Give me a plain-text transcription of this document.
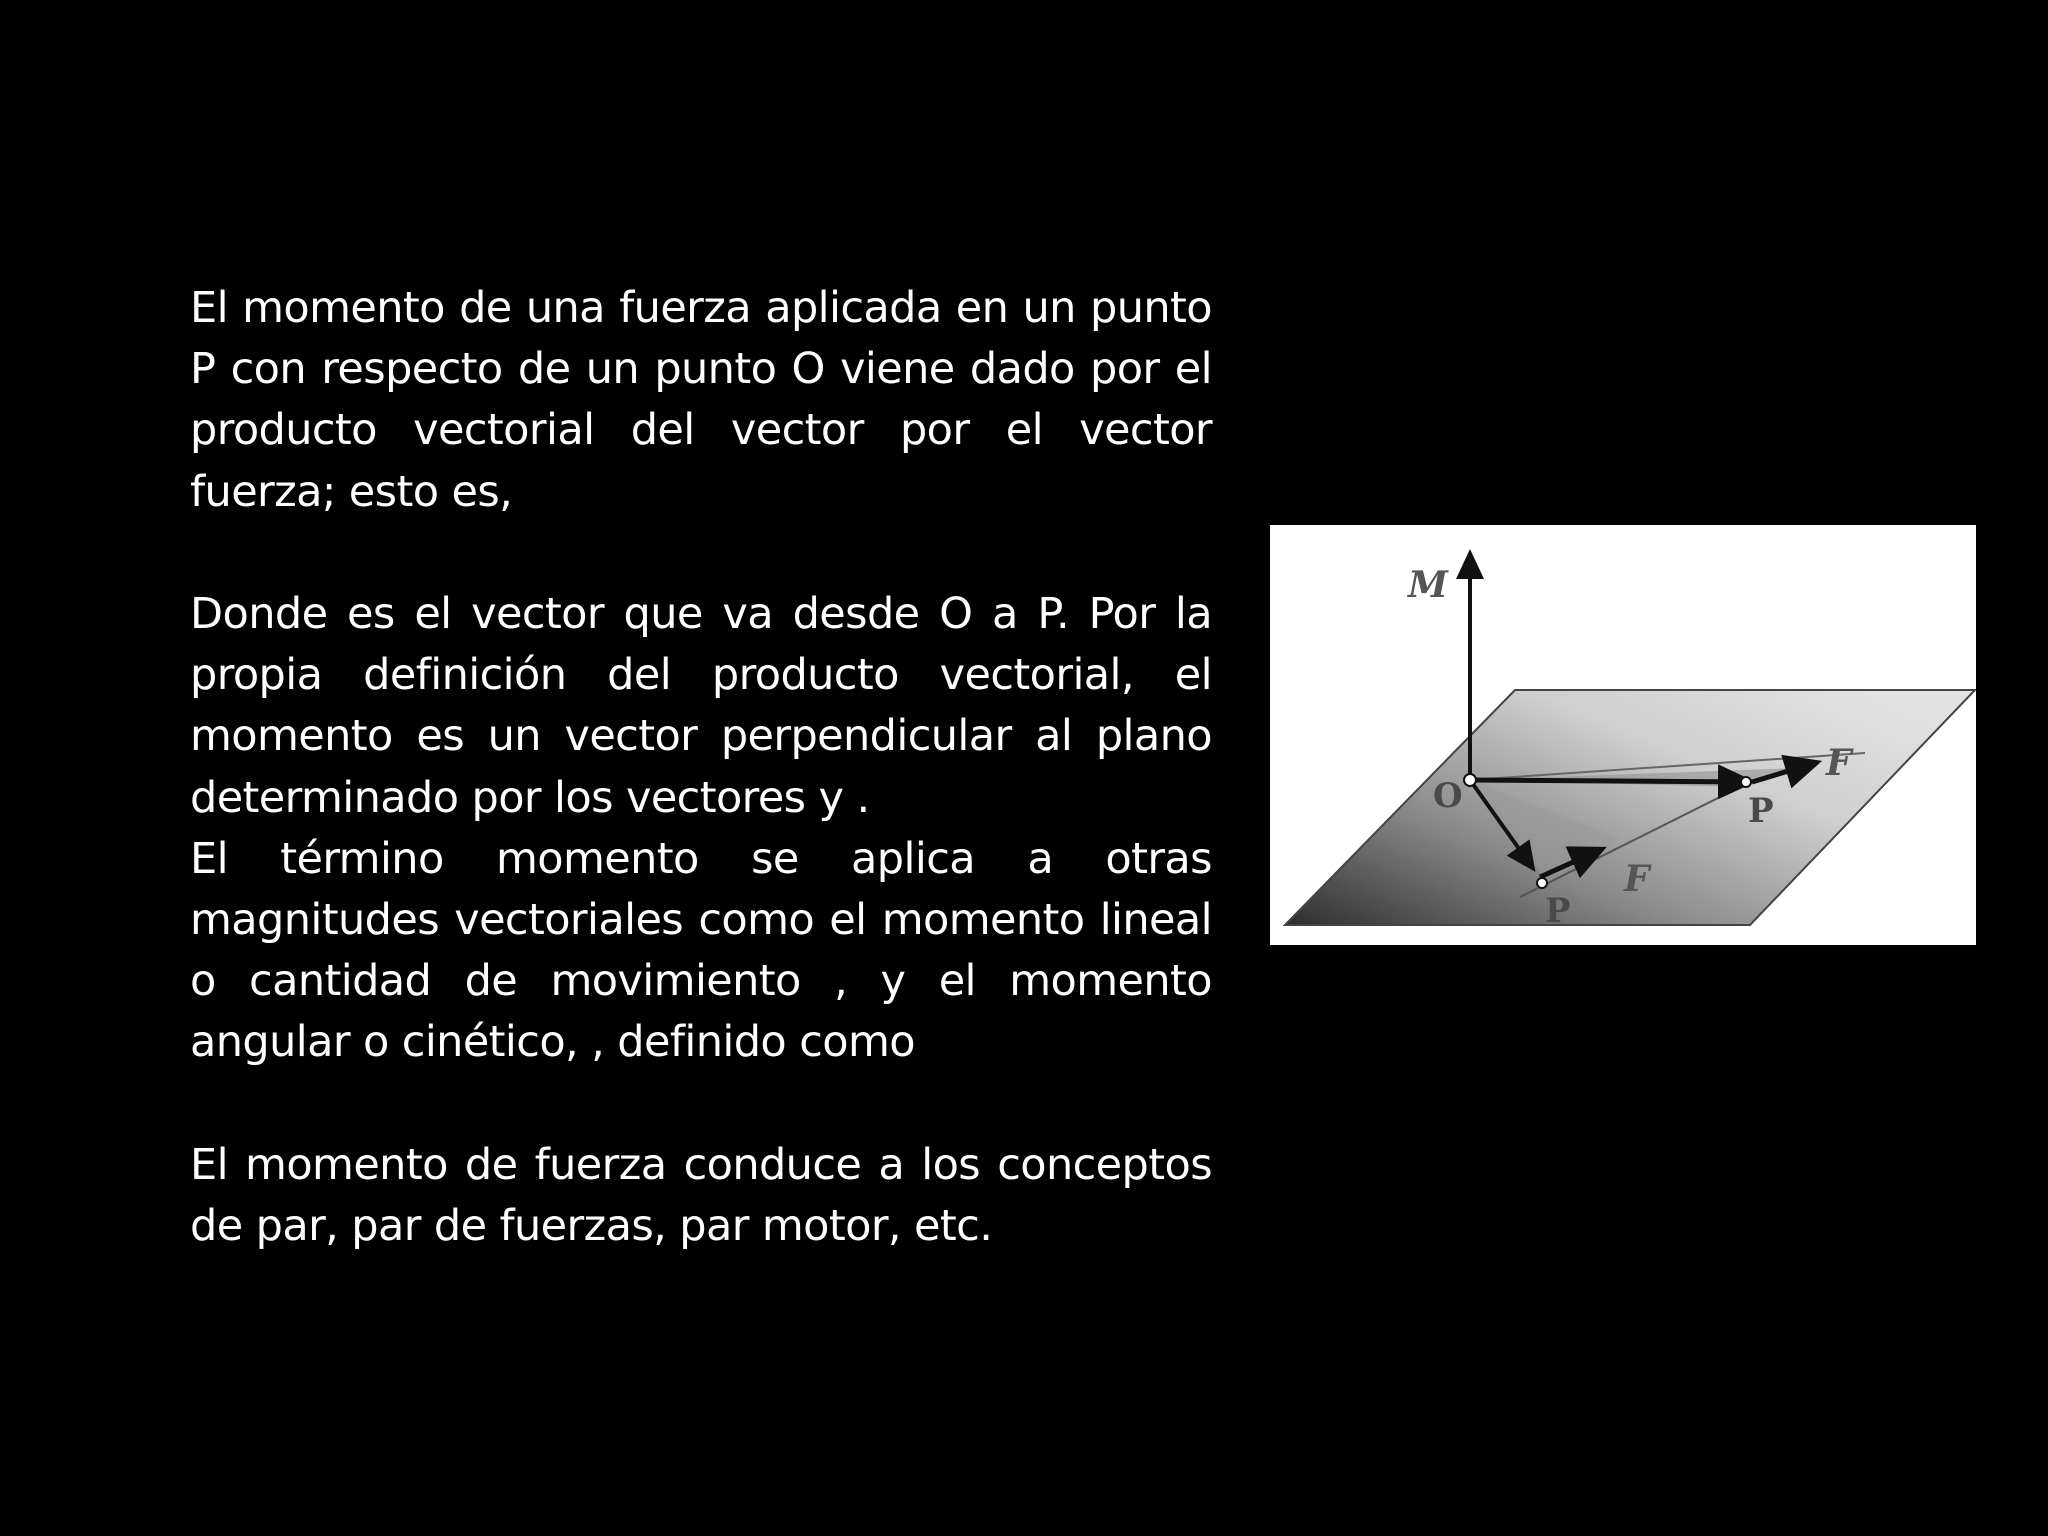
El momento de una fuerza aplicada en un punto P con respecto de un punto O viene dado por el producto vectorial del vector por el vector fuerza; esto es,

Donde es el vector que va desde O a P. Por la propia definición del producto vectorial, el momento es un vector perpendicular al plano determinado por los vectores y .

El término momento se aplica a otras magnitudes vectoriales como el momento lineal o cantidad de movimiento , y el momento angular o cinético, , definido como

El momento de fuerza conduce a los conceptos de par, par de fuerzas, par motor, etc.

M
O	P
P
F
F
